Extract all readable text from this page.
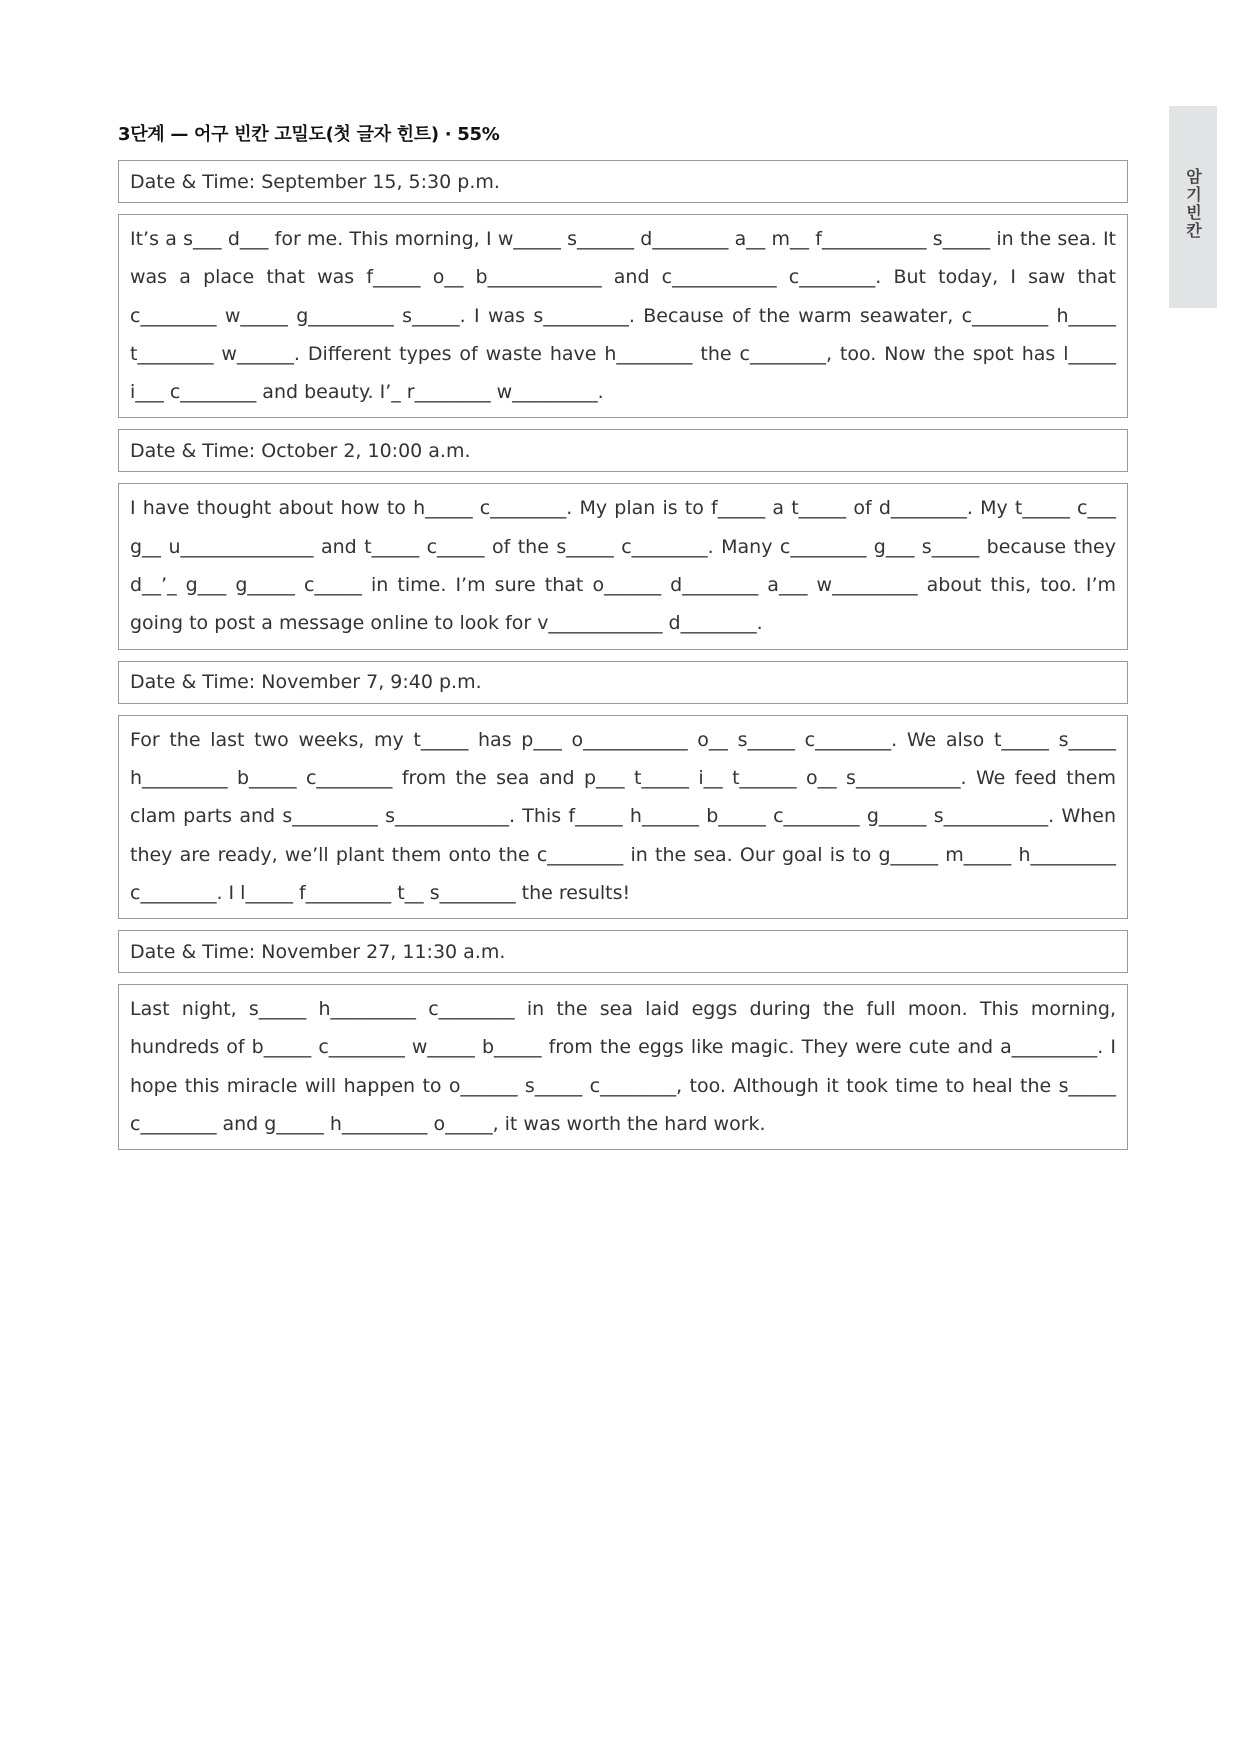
3단계 — 어구 빈칸 고밀도(첫 글자 힌트) · 55%
암기빈칸
Date & Time: September 15, 5:30 p.m.
It’s a s___ d___ for me. This morning, I w_____ s______ d________ a__ m__ f___________ s_____ in the sea. It was a place that was f_____ o__ b____________ and c___________ c________. But today, I saw that c________ w_____ g_________ s_____. I was s_________. Because of the warm seawater, c________ h_____ t________ w______. Different types of waste have h________ the c________, too. Now the spot has l_____ i___ c________ and beauty. I’_ r________ w_________.
Date & Time: October 2, 10:00 a.m.
I have thought about how to h_____ c________. My plan is to f_____ a t_____ of d________. My t_____ c___ g__ u______________ and t_____ c_____ of the s_____ c________. Many c________ g___ s_____ because they d__’_ g___ g_____ c_____ in time. I’m sure that o______ d________ a___ w_________ about this, too. I’m going to post a message online to look for v____________ d________.
Date & Time: November 7, 9:40 p.m.
For the last two weeks, my t_____ has p___ o___________ o__ s_____ c________. We also t_____ s_____ h_________ b_____ c________ from the sea and p___ t_____ i__ t______ o__ s___________. We feed them clam parts and s_________ s____________. This f_____ h______ b_____ c________ g_____ s___________. When they are ready, we’ll plant them onto the c________ in the sea. Our goal is to g_____ m_____ h_________ c________. I l_____ f_________ t__ s________ the results!
Date & Time: November 27, 11:30 a.m.
Last night, s_____ h_________ c________ in the sea laid eggs during the full moon. This morning, hundreds of b_____ c________ w_____ b_____ from the eggs like magic. They were cute and a_________. I hope this miracle will happen to o______ s_____ c________, too. Although it took time to heal the s_____ c________ and g_____ h_________ o_____, it was worth the hard work.
